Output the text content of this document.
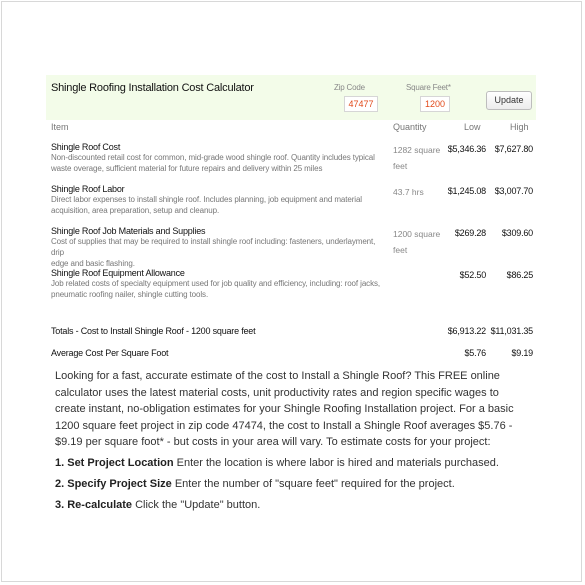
Shingle Roofing Installation Cost Calculator	Zip Code	Square Feet*
47477	1200	Update
Item	Quantity	Low	High
Shingle Roof Cost
Non-discounted retail cost for common, mid-grade wood shingle roof. Quantity includes typical
waste overage, sufficient material for future repairs and delivery within 25 miles
1282 square
feet
$5,346.36 $7,627.80
Shingle Roof Labor
Direct labor expenses to install shingle roof. Includes planning, job equipment and material
acquisition, area preparation, setup and cleanup.
43.7 hrs	$1,245.08 $3,007.70
Shingle Roof Job Materials and Supplies
Cost of supplies that may be required to install shingle roof including: fasteners, underlayment, drip
edge and basic flashing.
1200 square
feet
$269.28	$309.60
Shingle Roof Equipment Allowance
Job related costs of specialty equipment used for job quality and efficiency, including: roof jacks,
pneumatic roofing nailer, shingle cutting tools.
$52.50	$86.25
Totals - Cost to Install Shingle Roof - 1200 square feet	$6,913.22 $11,031.35
Average Cost Per Square Foot	$5.76	$9.19

Looking for a fast, accurate estimate of the cost to Install a Shingle Roof? This FREE online calculator uses the latest material costs, unit productivity rates and region specific wages to create instant, no-obligation estimates for your Shingle Roofing Installation project. For a basic 1200 square feet project in zip code 47474, the cost to Install a Shingle Roof averages $5.76 - $9.19 per square foot* - but costs in your area will vary. To estimate costs for your project:

1. Set Project Location Enter the location is where labor is hired and materials purchased.

2. Specify Project Size Enter the number of "square feet" required for the project.

3. Re-calculate Click the "Update" button.
